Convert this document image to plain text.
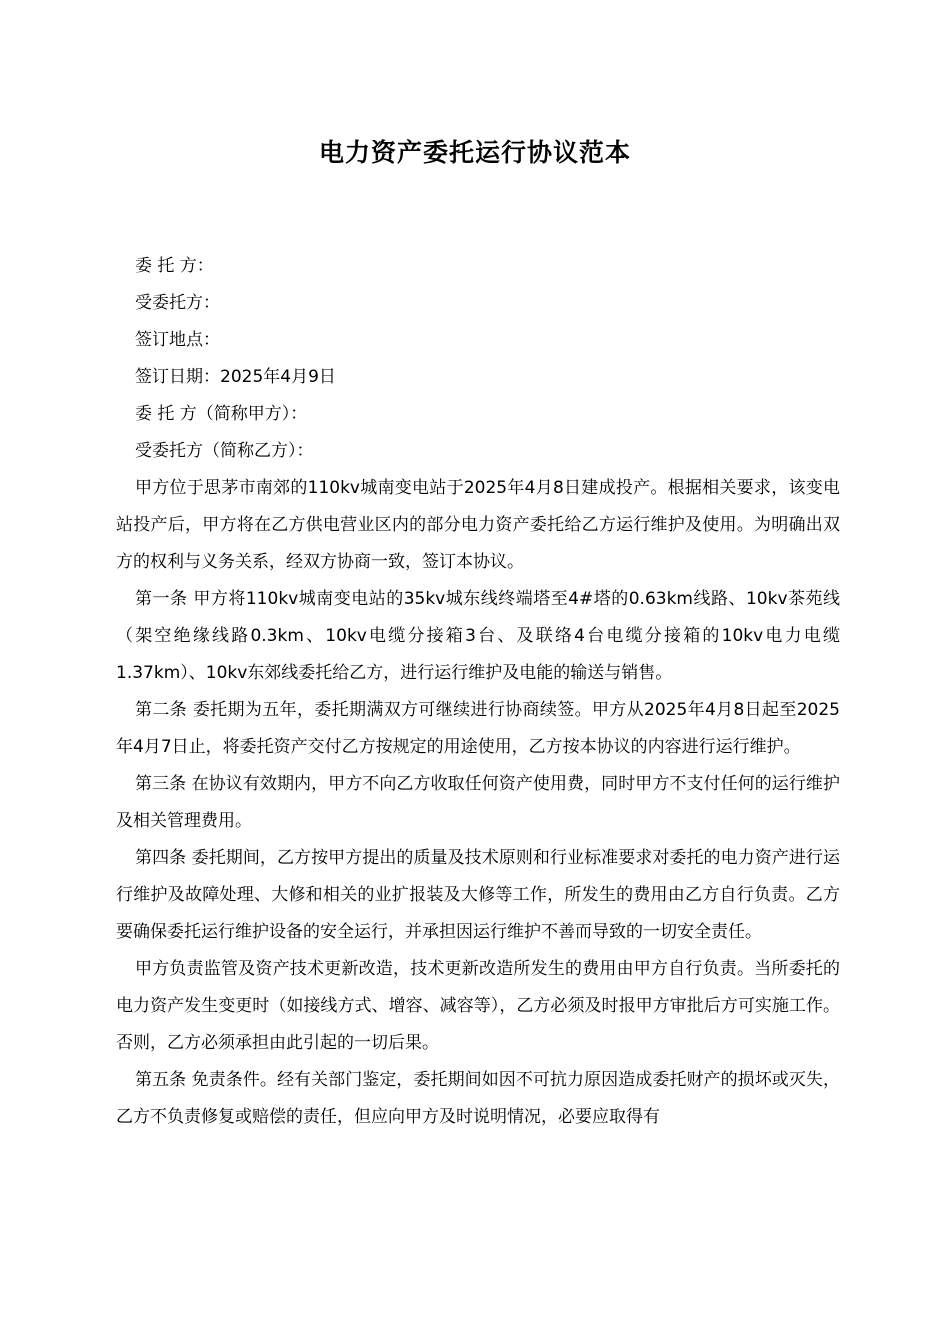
电力资产委托运行协议范本

委 托 方：

受委托方：

签订地点：

签订日期：2025年4月9日

委 托 方（简称甲方）：

受委托方（简称乙方）：

甲方位于思茅市南郊的110kv城南变电站于2025年4月8日建成投产。根据相关要求，该变电站投产后，甲方将在乙方供电营业区内的部分电力资产委托给乙方运行维护及使用。为明确出双方的权利与义务关系，经双方协商一致，签订本协议。

第一条 甲方将110kv城南变电站的35kv城东线终端塔至4#塔的0.63km线路、10kv茶苑线（架空绝缘线路0.3km、10kv电缆分接箱3台、及联络4台电缆分接箱的10kv电力电缆1.37km）、10kv东郊线委托给乙方，进行运行维护及电能的输送与销售。

第二条 委托期为五年，委托期满双方可继续进行协商续签。甲方从2025年4月8日起至2025年4月7日止，将委托资产交付乙方按规定的用途使用，乙方按本协议的内容进行运行维护。

第三条 在协议有效期内，甲方不向乙方收取任何资产使用费，同时甲方不支付任何的运行维护及相关管理费用。

第四条 委托期间，乙方按甲方提出的质量及技术原则和行业标准要求对委托的电力资产进行运行维护及故障处理、大修和相关的业扩报装及大修等工作，所发生的费用由乙方自行负责。乙方要确保委托运行维护设备的安全运行，并承担因运行维护不善而导致的一切安全责任。

甲方负责监管及资产技术更新改造，技术更新改造所发生的费用由甲方自行负责。当所委托的电力资产发生变更时（如接线方式、增容、减容等），乙方必须及时报甲方审批后方可实施工作。否则，乙方必须承担由此引起的一切后果。

第五条 免责条件。经有关部门鉴定，委托期间如因不可抗力原因造成委托财产的损坏或灭失，乙方不负责修复或赔偿的责任，但应向甲方及时说明情况，必要应取得有
